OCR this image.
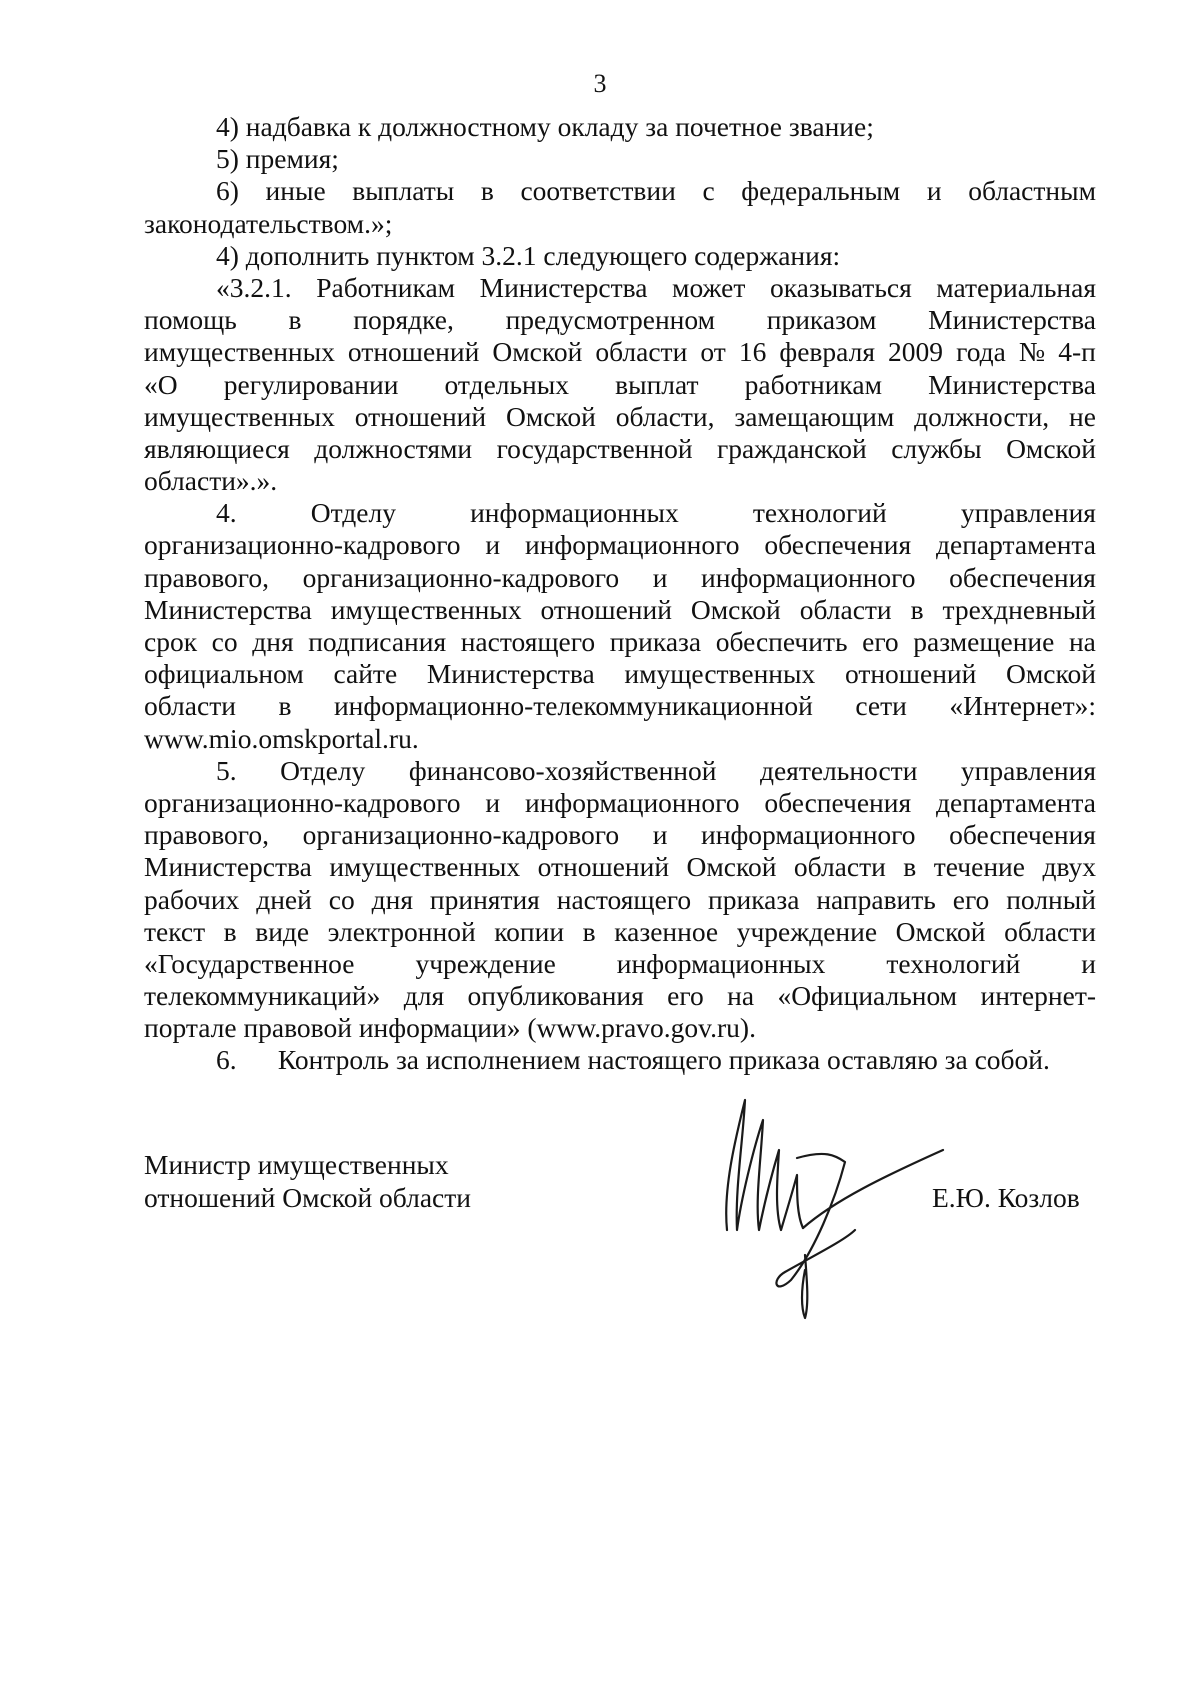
3
4) надбавка к должностному окладу за почетное звание;
5) премия;
6) иные выплаты в соответствии с федеральным и областным
законодательством.»;
4) дополнить пунктом 3.2.1 следующего содержания:
«3.2.1. Работникам Министерства может оказываться материальная
помощь в порядке, предусмотренном приказом Министерства
имущественных отношений Омской области от 16 февраля 2009 года № 4-п
«О регулировании отдельных выплат работникам Министерства
имущественных отношений Омской области, замещающим должности, не
являющиеся должностями государственной гражданской службы Омской
области».».
4.	Отделу	информационных	технологий	управления
организационно-кадрового и информационного обеспечения департамента
правового, организационно-кадрового и информационного обеспечения
Министерства имущественных отношений Омской области в трехдневный
срок со дня подписания настоящего приказа обеспечить его размещение на
официальном сайте Министерства имущественных отношений Омской
области в информационно-телекоммуникационной сети «Интернет»:
www.mio.omskportal.ru.
5. Отделу финансово-хозяйственной деятельности управления
организационно-кадрового и информационного обеспечения департамента
правового, организационно-кадрового и информационного обеспечения
Министерства имущественных отношений Омской области в течение двух
рабочих дней со дня принятия настоящего приказа направить его полный
текст в виде электронной копии в казенное учреждение Омской области
«Государственное учреждение информационных технологий и
телекоммуникаций» для опубликования его на «Официальном интернет-
портале правовой информации» (www.pravo.gov.ru).
6.      Контроль за исполнением настоящего приказа оставляю за собой.
Министр имущественных
отношений Омской области	Е.Ю. Козлов
